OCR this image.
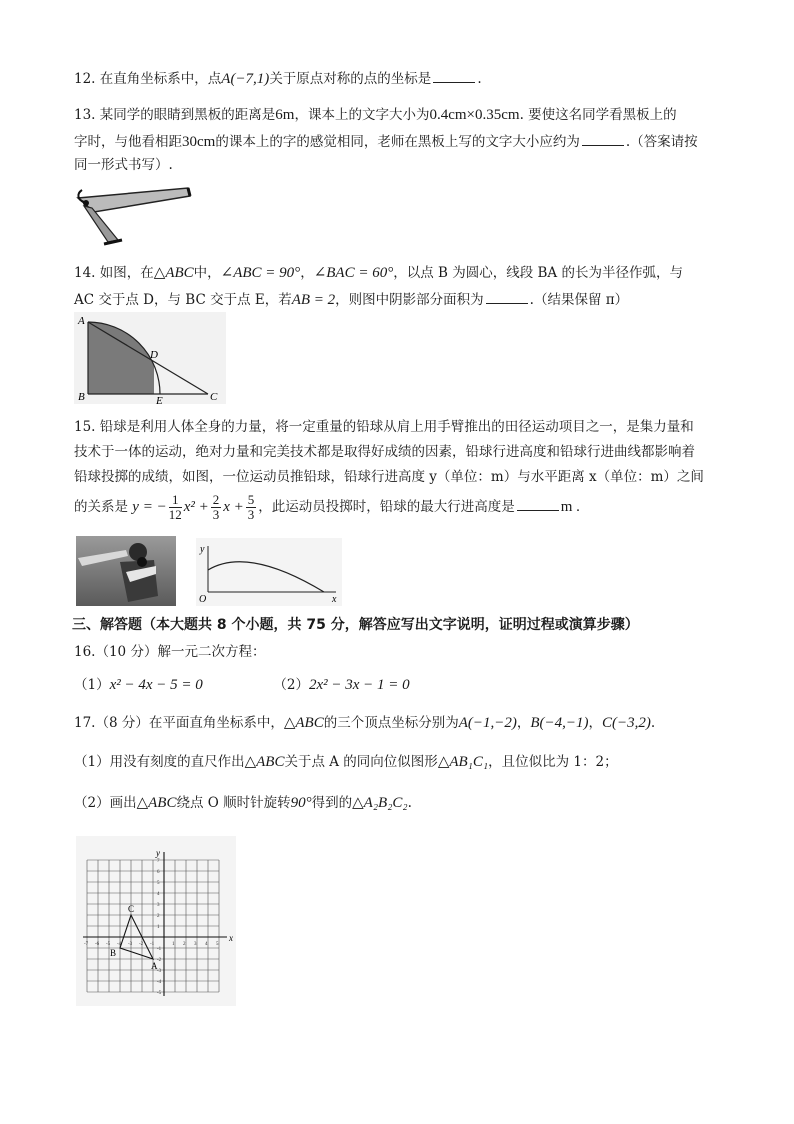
12. 在直角坐标系中，点A(−7,1)关于原点对称的点的坐标是	.
13. 某同学的眼睛到黑板的距离是6m，课本上的文字大小为0.4cm×0.35cm. 要使这名同学看黑板上的
字时，与他看相距30cm的课本上的字的感觉相同，老师在黑板上写的文字大小应约为	.（答案请按
同一形式书写）.
14. 如图，在△ABC中，∠ABC = 90°，∠BAC = 60°，以点 B 为圆心，线段 BA 的长为半径作弧，与
AC 交于点 D，与 BC 交于点 E，若AB = 2，则图中阴影部分面积为	.（结果保留 π）
A
B	C
D
E
15. 铅球是利用人体全身的力量，将一定重量的铅球从肩上用手臂推出的田径运动项目之一，是集力量和
技术于一体的运动，绝对力量和完美技术都是取得好成绩的因素，铅球行进高度和铅球行进曲线都影响着
铅球投掷的成绩，如图，一位运动员推铅球，铅球行进高度 y（单位：m）与水平距离 x（单位：m）之间
的关系是 y = − $\frac{1}{12} x^2 + \frac{2}{3}$ $x + \frac{5}{3}$ ，此运动员投掷时，铅球的最大行进高度是	m .
y
x
O
三、解答题（本大题共 8 个小题，共 75 分，解答应写出文字说明，证明过程或演算步骤）
16.（10 分）解一元二次方程：
（1）x² − 4x − 5 = 0	（2）2x² − 3x − 1 = 0
17.（8 分）在平面直角坐标系中，△ABC的三个顶点坐标分别为A(−1,−2)，B(−4,−1)，C(−3,2).
（1）用没有刻度的直尺作出△ABC关于点 A 的同向位似图形△AB₁C₁，且位似比为 1：2；
（2）画出△ABC绕点 O 顺时针旋转90°得到的△A₂B₂C₂.
x
y
-7 -6 -5 -4 -3 -2 -1	1 2 3 4 5
-5
-4
-3
-2
-1
1
2
3
4
5
6
7
A
B
C
